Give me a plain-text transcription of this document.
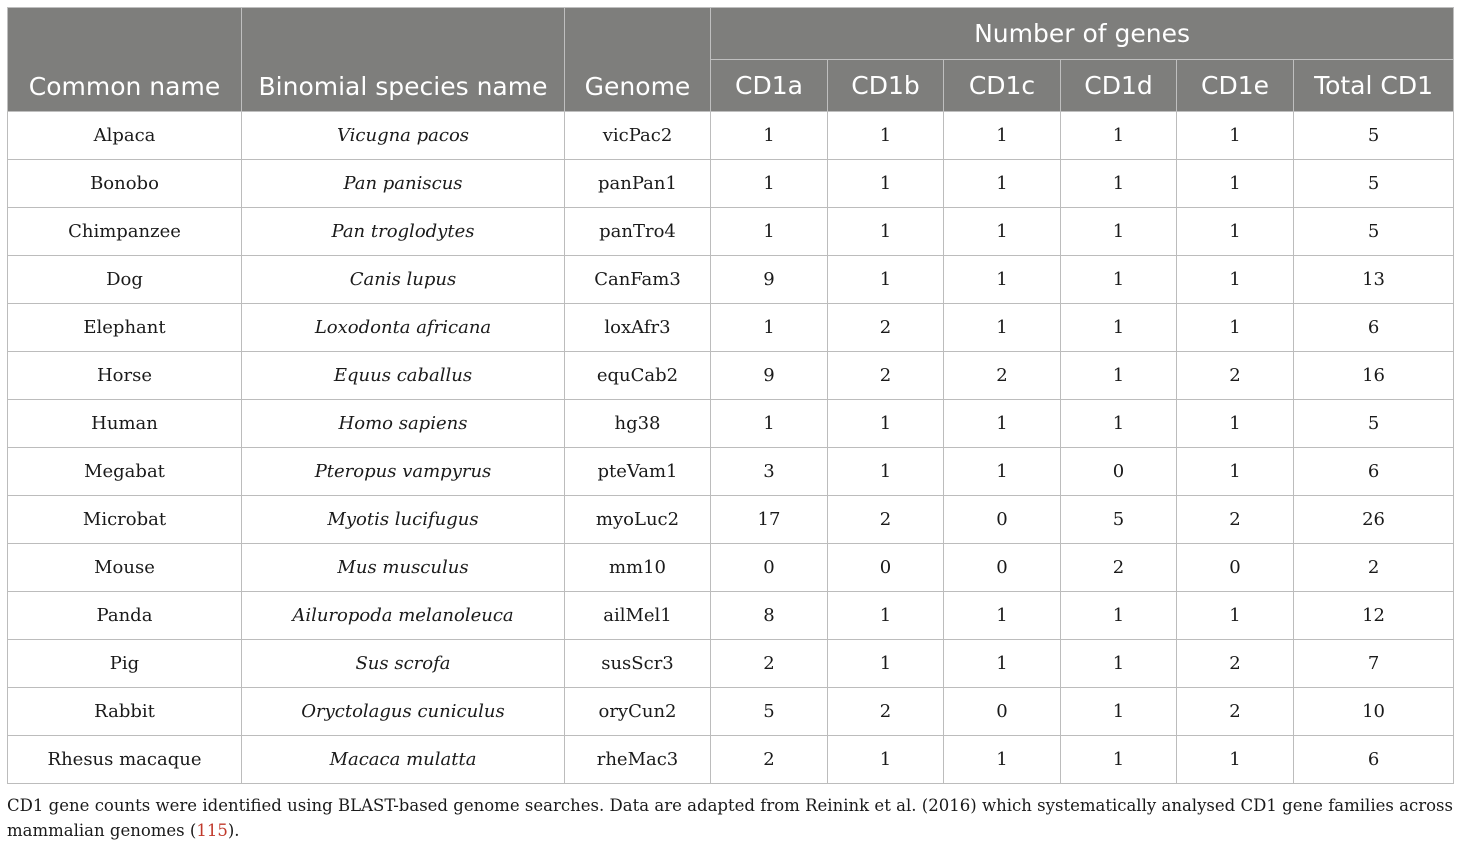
Common name	Binomial species name	Genome	Number of genes					
			CD1a	CD1b	CD1c	CD1d	CD1e	Total CD1
Alpaca	Vicugna pacos	vicPac2	1	1	1	1	1	5
Bonobo	Pan paniscus	panPan1	1	1	1	1	1	5
Chimpanzee	Pan troglodytes	panTro4	1	1	1	1	1	5
Dog	Canis lupus	CanFam3	9	1	1	1	1	13
Elephant	Loxodonta africana	loxAfr3	1	2	1	1	1	6
Horse	Equus caballus	equCab2	9	2	2	1	2	16
Human	Homo sapiens	hg38	1	1	1	1	1	5
Megabat	Pteropus vampyrus	pteVam1	3	1	1	0	1	6
Microbat	Myotis lucifugus	myoLuc2	17	2	0	5	2	26
Mouse	Mus musculus	mm10	0	0	0	2	0	2
Panda	Ailuropoda melanoleuca	ailMel1	8	1	1	1	1	12
Pig	Sus scrofa	susScr3	2	1	1	1	2	7
Rabbit	Oryctolagus cuniculus	oryCun2	5	2	0	1	2	10
Rhesus macaque	Macaca mulatta	rheMac3	2	1	1	1	1	6
CD1 gene counts were identified using BLAST-based genome searches. Data are adapted from Reinink et al. (2016) which systematically analysed CD1 gene families across mammalian genomes (115).
